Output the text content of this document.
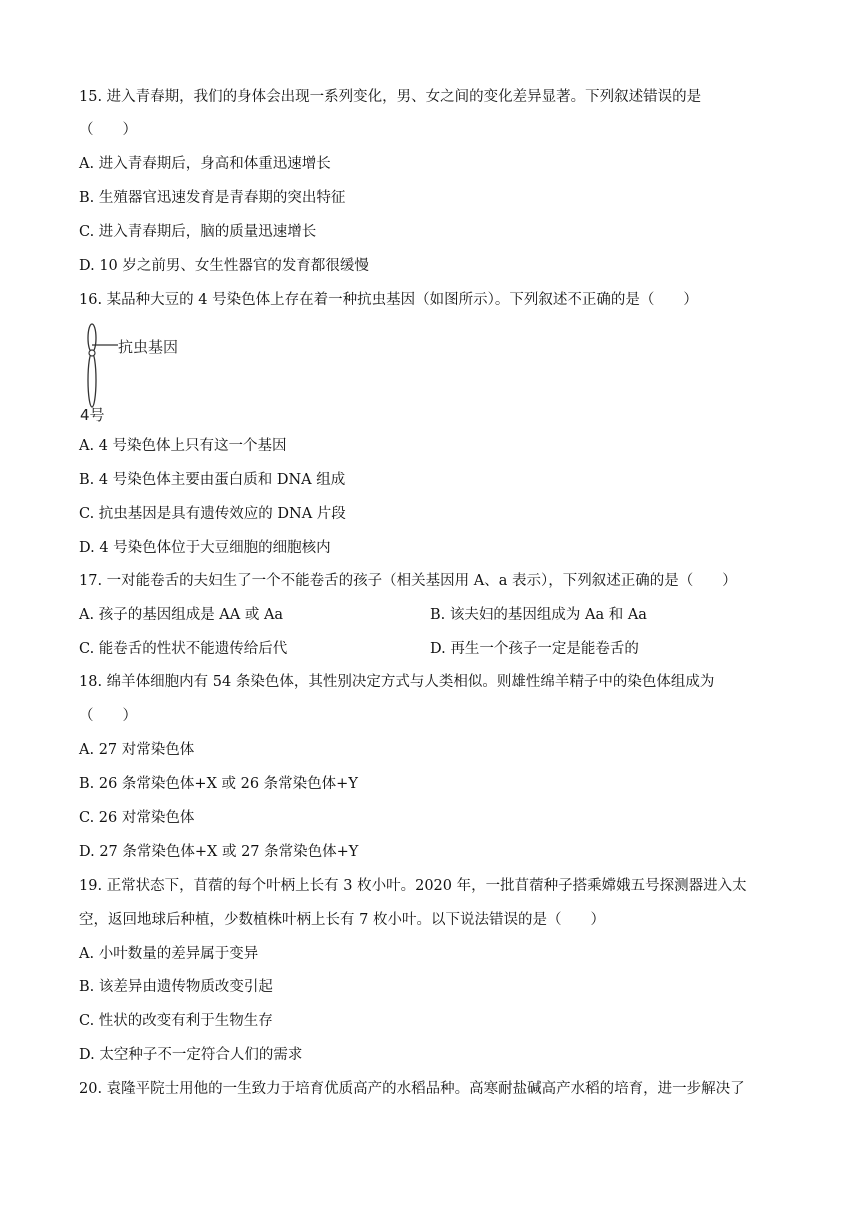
15. 进入青春期，我们的身体会出现一系列变化，男、女之间的变化差异显著。下列叙述错误的是
（　　）
A. 进入青春期后，身高和体重迅速增长
B. 生殖器官迅速发育是青春期的突出特征
C. 进入青春期后，脑的质量迅速增长
D. 10 岁之前男、女生性器官的发育都很缓慢
16. 某品种大豆的 4 号染色体上存在着一种抗虫基因（如图所示）。下列叙述不正确的是（　　）
抗虫基因
4号
A. 4 号染色体上只有这一个基因
B. 4 号染色体主要由蛋白质和 DNA 组成
C. 抗虫基因是具有遗传效应的 DNA 片段
D. 4 号染色体位于大豆细胞的细胞核内
17. 一对能卷舌的夫妇生了一个不能卷舌的孩子（相关基因用 A、a 表示），下列叙述正确的是（　　）
A. 孩子的基因组成是 AA 或 Aa	B. 该夫妇的基因组成为 Aa 和 Aa
C. 能卷舌的性状不能遗传给后代	D. 再生一个孩子一定是能卷舌的
18. 绵羊体细胞内有 54 条染色体，其性别决定方式与人类相似。则雄性绵羊精子中的染色体组成为
（　　）
A. 27 对常染色体
B. 26 条常染色体+X 或 26 条常染色体+Y
C. 26 对常染色体
D. 27 条常染色体+X 或 27 条常染色体+Y
19. 正常状态下，苜蓿的每个叶柄上长有 3 枚小叶。2020 年，一批苜蓿种子搭乘嫦娥五号探测器进入太
空，返回地球后种植，少数植株叶柄上长有 7 枚小叶。以下说法错误的是（　　）
A. 小叶数量的差异属于变异
B. 该差异由遗传物质改变引起
C. 性状的改变有利于生物生存
D. 太空种子不一定符合人们的需求
20. 袁隆平院士用他的一生致力于培育优质高产的水稻品种。高寒耐盐碱高产水稻的培育，进一步解决了
